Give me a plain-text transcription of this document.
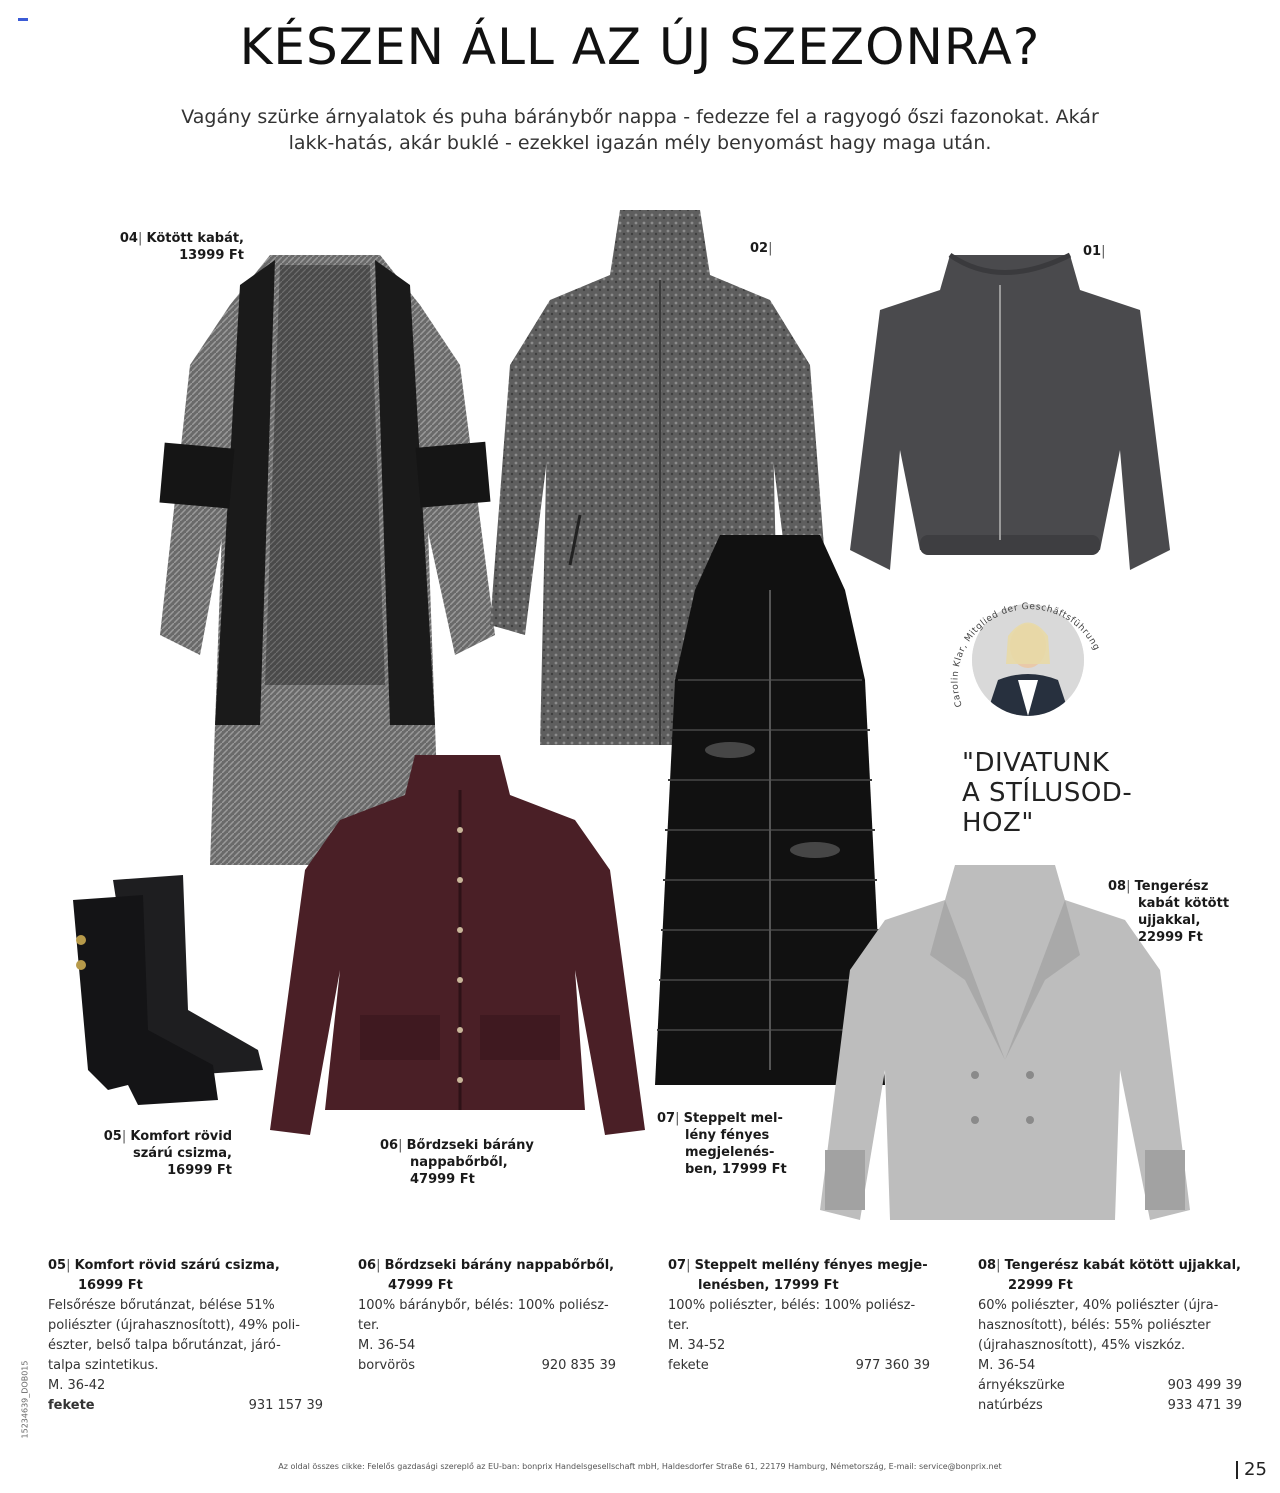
KÉSZEN ÁLL AZ ÚJ SZEZONRA?
Vagány szürke árnyalatok és puha báránybőr nappa - fedezze fel a ragyogó őszi fazonokat. Akár
lakk-hatás, akár buklé - ezekkel igazán mély benyomást hagy maga után.
04| Kötött kabát,
13999 Ft	02|	01|
Carolin Klar, Mitglied der Geschäftsführung
"DIVATUNK
A STÍLUSOD-
HOZ"
07| Steppelt mel-
lény fényes
megjelenés-
ben, 17999 Ft
06| Bőrdzseki bárány
nappabőrből,
47999 Ft
05| Komfort rövid
szárú csizma,
16999 Ft
08| Tengerész
kabát kötött
ujjakkal,
22999 Ft
05| Komfort rövid szárú csizma,
16999 Ft
Felsőrésze bőrutánzat, bélése 51%
poliészter (újrahasznosított), 49% poli-
észter, belső talpa bőrutánzat, járó-
talpa szintetikus.
M. 36-42
fekete	931 157 39
06| Bőrdzseki bárány nappabőrből,
47999 Ft
100% báránybőr, bélés: 100% poliész-
ter.
M. 36-54
borvörös	920 835 39
07| Steppelt mellény fényes megje-
lenésben, 17999 Ft
100% poliészter, bélés: 100% poliész-
ter.
M. 34-52
fekete	977 360 39
08| Tengerész kabát kötött ujjakkal,
22999 Ft
60% poliészter, 40% poliészter (újra-
hasznosított), bélés: 55% poliészter
(újrahasznosított), 45% viszkóz.
M. 36-54
árnyékszürke	903 499 39
natúrbézs	933 471 39
Az oldal összes cikke: Felelős gazdasági szereplő az EU-ban: bonprix Handelsgesellschaft mbH, Haldesdorfer Straße 61, 22179 Hamburg, Németország, E-mail: service@bonprix.net	25
15234639_DOB015
